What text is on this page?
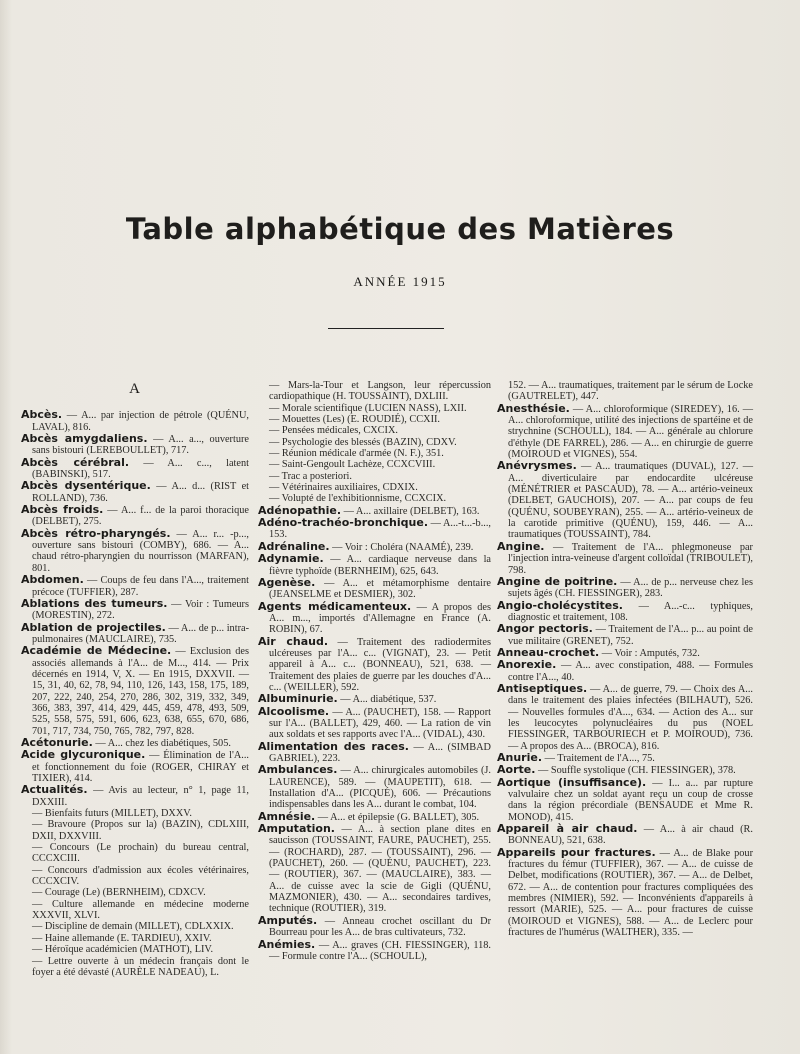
Table alphabétique des Matières
ANNÉE 1915
A

Abcès. — A... par injection de pétrole (QUÉNU, LAVAL), 816.

Abcès amygdaliens. — A... a..., ouverture sans bistouri (LEREBOULLET), 717.

Abcès cérébral. — A... c..., latent (BABINSKI), 517.

Abcès dysentérique. — A... d... (RIST et ROLLAND), 736.

Abcès froids. — A... f... de la paroi thoracique (DELBET), 275.

Abcès rétro-pharyngés. — A... r... -p..., ouverture sans bistouri (COMBY), 686. — A... chaud rétro-pharyngien du nourrisson (MARFAN), 801.

Abdomen. — Coups de feu dans l'A..., traitement précoce (TUFFIER), 287.

Ablations des tumeurs. — Voir : Tumeurs (MORESTIN), 272.

Ablation de projectiles. — A... de p... intra-pulmonaires (MAUCLAIRE), 735.

Académie de Médecine. — Exclusion des associés allemands à l'A... de M..., 414. — Prix décernés en 1914, V, X. — En 1915, DXXVII. — 15, 31, 40, 62, 78, 94, 110, 126, 143, 158, 175, 189, 207, 222, 240, 254, 270, 286, 302, 319, 332, 349, 366, 383, 397, 414, 429, 445, 459, 478, 493, 509, 525, 558, 575, 591, 606, 623, 638, 655, 670, 686, 701, 717, 734, 750, 765, 782, 797, 828.

Acétonurie. — A... chez les diabétiques, 505.

Acide glycuronique. — Élimination de l'A... et fonctionnement du foie (ROGER, CHIRAY et TIXIER), 414.

Actualités. — Avis au lecteur, n° 1, page 11, DXXIII.

— Bienfaits futurs (MILLET), DXXV.

— Bravoure (Propos sur la) (BAZIN), CDLXIII, DXII, DXXVIII.

— Concours (Le prochain) du bureau central, CCCXCIII.

— Concours d'admission aux écoles vétérinaires, CCCXCIV.

— Courage (Le) (BERNHEIM), CDXCV.

— Culture allemande en médecine moderne XXXVII, XLVI.

— Discipline de demain (MILLET), CDLXXIX.

— Haine allemande (E. TARDIEU), XXIV.

— Héroïque académicien (MATHOT), LIV.

— Lettre ouverte à un médecin français dont le foyer a été dévasté (AURÈLE NADEAU), L.

— Mars-la-Tour et Langson, leur répercussion cardiopathique (H. TOUSSAINT), DXLIII.

— Morale scientifique (LUCIEN NASS), LXII.

— Mouettes (Les) (E. ROUDIÉ), CCXII.

— Pensées médicales, CXCIX.

— Psychologie des blessés (BAZIN), CDXV.

— Réunion médicale d'armée (N. F.), 351.

— Saint-Gengoult Lachèze, CCXCVIII.

— Trac a posteriori.

— Vétérinaires auxiliaires, CDXIX.

— Volupté de l'exhibitionnisme, CCXCIX.

Adénopathie. — A... axillaire (DELBET), 163.

Adéno-trachéo-bronchique. — A...-t...-b..., 153.

Adrénaline. — Voir : Choléra (NAAMÉ), 239.

Adynamie. — A... cardiaque nerveuse dans la fièvre typhoïde (BERNHEIM), 625, 643.

Agenèse. — A... et métamorphisme dentaire (JEANSELME et DESMIER), 302.

Agents médicamenteux. — A propos des A... m..., importés d'Allemagne en France (A. ROBIN), 67.

Air chaud. — Traitement des radiodermites ulcéreuses par l'A... c... (VIGNAT), 23. — Petit appareil à A... c... (BONNEAU), 521, 638. — Traitement des plaies de guerre par les douches d'A... c... (WEILLER), 592.

Albuminurie. — A... diabétique, 537.

Alcoolisme. — A... (PAUCHET), 158. — Rapport sur l'A... (BALLET), 429, 460. — La ration de vin aux soldats et ses rapports avec l'A... (VIDAL), 430.

Alimentation des races. — A... (SIMBAD GABRIEL), 223.

Ambulances. — A... chirurgicales automobiles (J. LAURENCE), 589. — (MAUPETIT), 618. — Installation d'A... (PICQUÉ), 606. — Précautions indispensables dans les A... durant le combat, 104.

Amnésie. — A... et épilepsie (G. BALLET), 305.

Amputation. — A... à section plane dites en saucisson (TOUSSAINT, FAURE, PAUCHET), 255. — (ROCHARD), 287. — (TOUSSAINT), 296. — (PAUCHET), 260. — (QUÉNU, PAUCHET), 223. — (ROUTIER), 367. — (MAUCLAIRE), 383. — A... de cuisse avec la scie de Gigli (QUÉNU, MAZMONIER), 430. — A... secondaires tardives, technique (ROUTIER), 319.

Amputés. — Anneau crochet oscillant du Dr Bourreau pour les A... de bras cultivateurs, 732.

Anémies. — A... graves (CH. FIESSINGER), 118. — Formule contre l'A... (SCHOULL),

152. — A... traumatiques, traitement par le sérum de Locke (GAUTRELET), 447.

Anesthésie. — A... chloroformique (SIREDEY), 16. — A... chloroformique, utilité des injections de spartéine et de strychnine (SCHOULL), 184. — A... générale au chlorure d'éthyle (DE FARREL), 286. — A... en chirurgie de guerre (MOIROUD et VIGNES), 554.

Anévrysmes. — A... traumatiques (DUVAL), 127. — A... diverticulaire par endocardite ulcéreuse (MÉNÉTRIER et PASCAUD), 78. — A... artério-veineux (DELBET, GAUCHOIS), 207. — A... par coups de feu (QUÉNU, SOUBEYRAN), 255. — A... artério-veineux de la carotide primitive (QUÉNU), 159, 446. — A... traumatiques (TOUSSAINT), 784.

Angine. — Traitement de l'A... phlegmoneuse par l'injection intra-veineuse d'argent colloïdal (TRIBOULET), 798.

Angine de poitrine. — A... de p... nerveuse chez les sujets âgés (CH. FIESSINGER), 283.

Angio-cholécystites. — A...-c... typhiques, diagnostic et traitement, 108.

Angor pectoris. — Traitement de l'A... p... au point de vue militaire (GRENET), 752.

Anneau-crochet. — Voir : Amputés, 732.

Anorexie. — A... avec constipation, 488. — Formules contre l'A..., 40.

Antiseptiques. — A... de guerre, 79. — Choix des A... dans le traitement des plaies infectées (BILHAUT), 526. — Nouvelles formules d'A..., 634. — Action des A... sur les leucocytes polynucléaires du pus (NOEL FIESSINGER, TARBOURIECH et P. MOIROUD), 736. — A propos des A... (BROCA), 816.

Anurie. — Traitement de l'A..., 75.

Aorte. — Souffle systolique (CH. FIESSINGER), 378.

Aortique (insuffisance). — I... a... par rupture valvulaire chez un soldat ayant reçu un coup de crosse dans la région précordiale (BENSAUDE et Mme R. MONOD), 415.

Appareil à air chaud. — A... à air chaud (R. BONNEAU), 521, 638.

Appareils pour fractures. — A... de Blake pour fractures du fémur (TUFFIER), 367. — A... de cuisse de Delbet, modifications (ROUTIER), 367. — A... de Delbet, 672. — A... de contention pour fractures compliquées des membres (NIMIER), 592. — Inconvénients d'appareils à ressort (MARIE), 525. — A... pour fractures de cuisse (MOIROUD et VIGNES), 588. — A... de Leclerc pour fractures de l'humérus (WALTHER), 335. —
